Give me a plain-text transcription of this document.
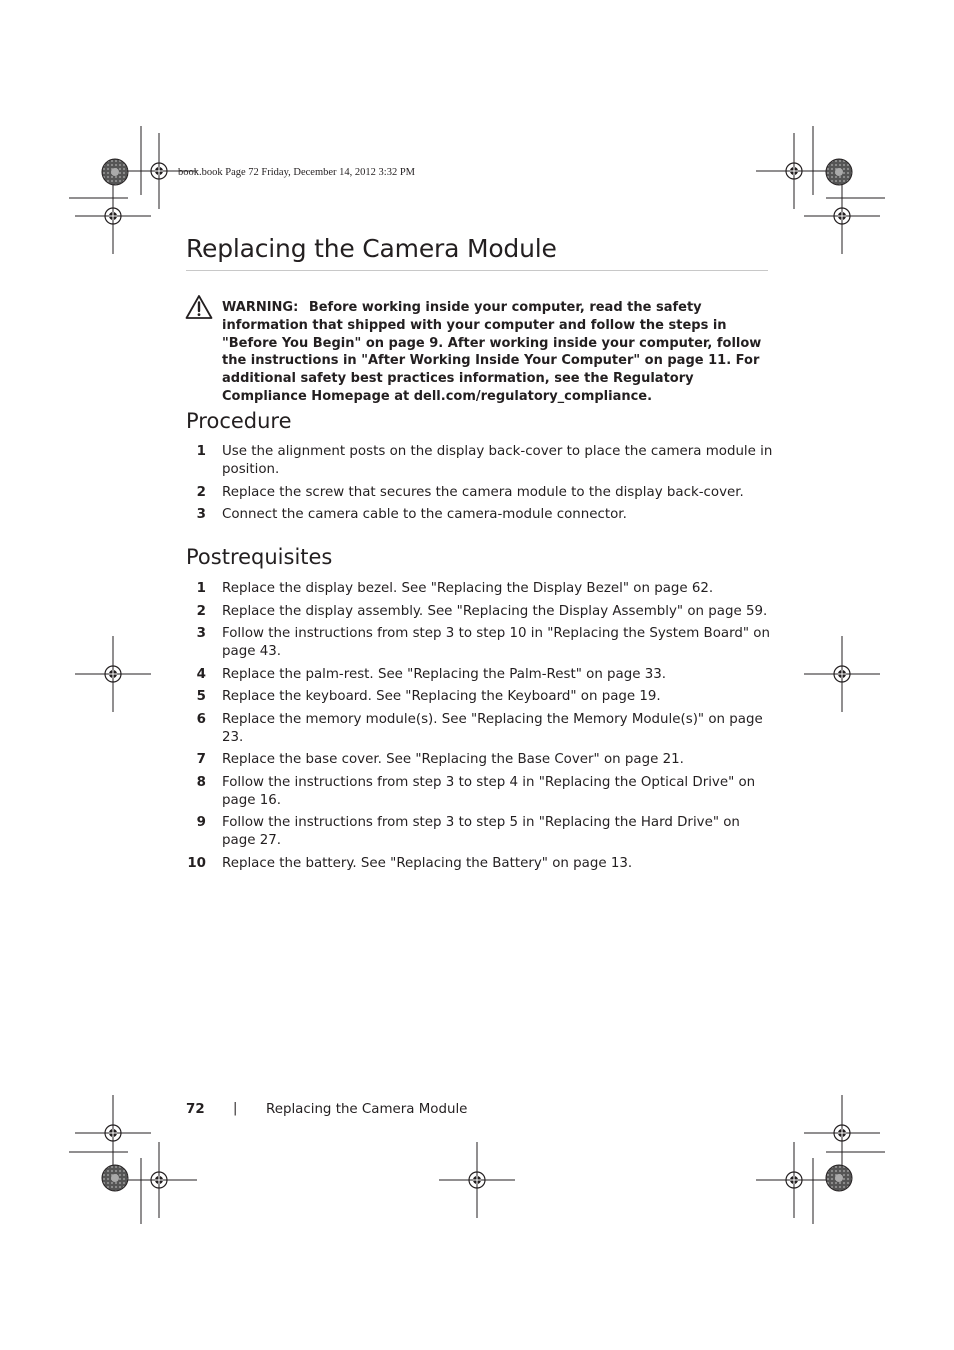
book.book Page 72 Friday, December 14, 2012 3:32 PM
Replacing the Camera Module
WARNING: Before working inside your computer, read the safety information that shipped with your computer and follow the steps in "Before You Begin" on page 9. After working inside your computer, follow the instructions in "After Working Inside Your Computer" on page 11. For additional safety best practices information, see the Regulatory Compliance Homepage at dell.com/regulatory_compliance.
Procedure
1 Use the alignment posts on the display back-cover to place the camera module in position.
2 Replace the screw that secures the camera module to the display back-cover.
3 Connect the camera cable to the camera-module connector.
Postrequisites
1 Replace the display bezel. See "Replacing the Display Bezel" on page 62.
2 Replace the display assembly. See "Replacing the Display Assembly" on page 59.
3 Follow the instructions from step 3 to step 10 in "Replacing the System Board" on page 43.
4 Replace the palm-rest. See "Replacing the Palm-Rest" on page 33.
5 Replace the keyboard. See "Replacing the Keyboard" on page 19.
6 Replace the memory module(s). See "Replacing the Memory Module(s)" on page 23.
7 Replace the base cover. See "Replacing the Base Cover" on page 21.
8 Follow the instructions from step 3 to step 4 in "Replacing the Optical Drive" on page 16.
9 Follow the instructions from step 3 to step 5 in "Replacing the Hard Drive" on page 27.
10 Replace the battery. See "Replacing the Battery" on page 13.
72 | Replacing the Camera Module
